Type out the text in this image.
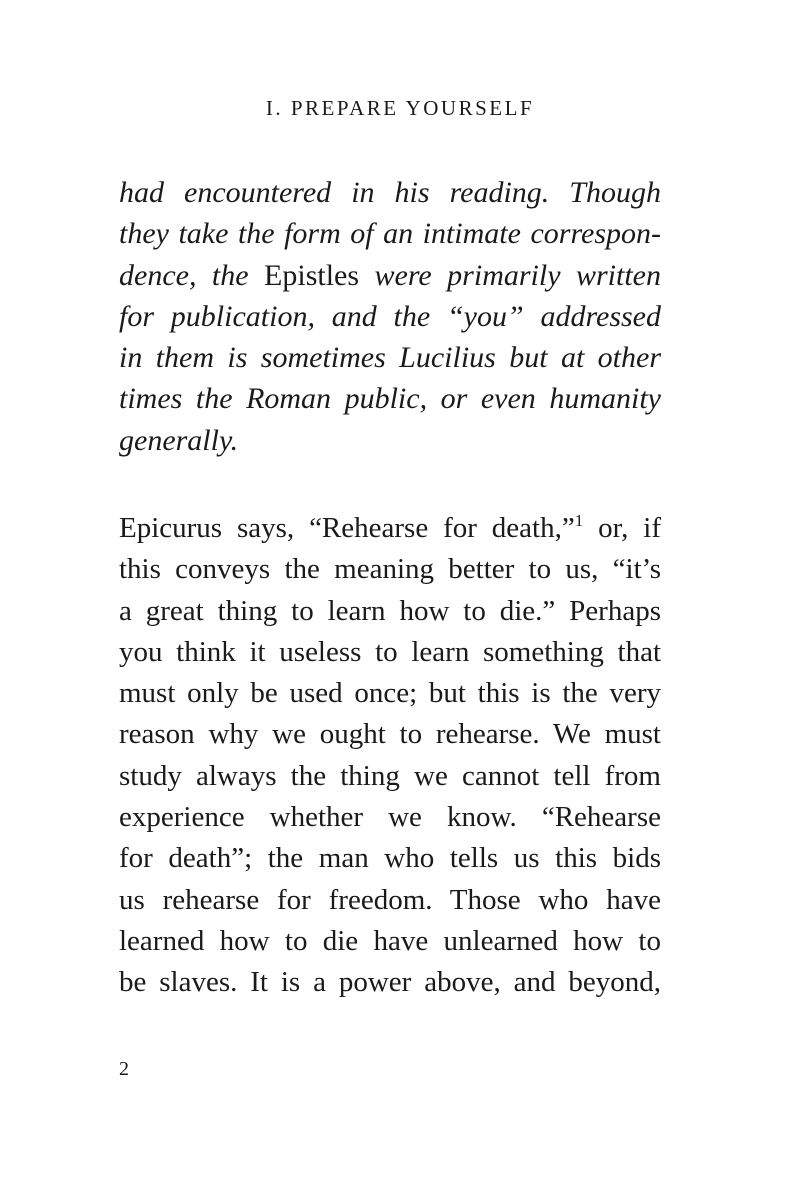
I. PREPARE YOURSELF
had encountered in his reading. Though
they take the form of an intimate correspon-
dence, the Epistles were primarily written
for publication, and the “you” addressed
in them is sometimes Lucilius but at other
times the Roman public, or even humanity
generally.
Epicurus says, “Rehearse for death,”$^1$ or, if
this conveys the meaning better to us, “it’s
a great thing to learn how to die.” Perhaps
you think it useless to learn something that
must only be used once; but this is the very
reason why we ought to rehearse. We must
study always the thing we cannot tell from
experience whether we know. “Rehearse
for death”; the man who tells us this bids
us rehearse for freedom. Those who have
learned how to die have unlearned how to
be slaves. It is a power above, and beyond,
2
